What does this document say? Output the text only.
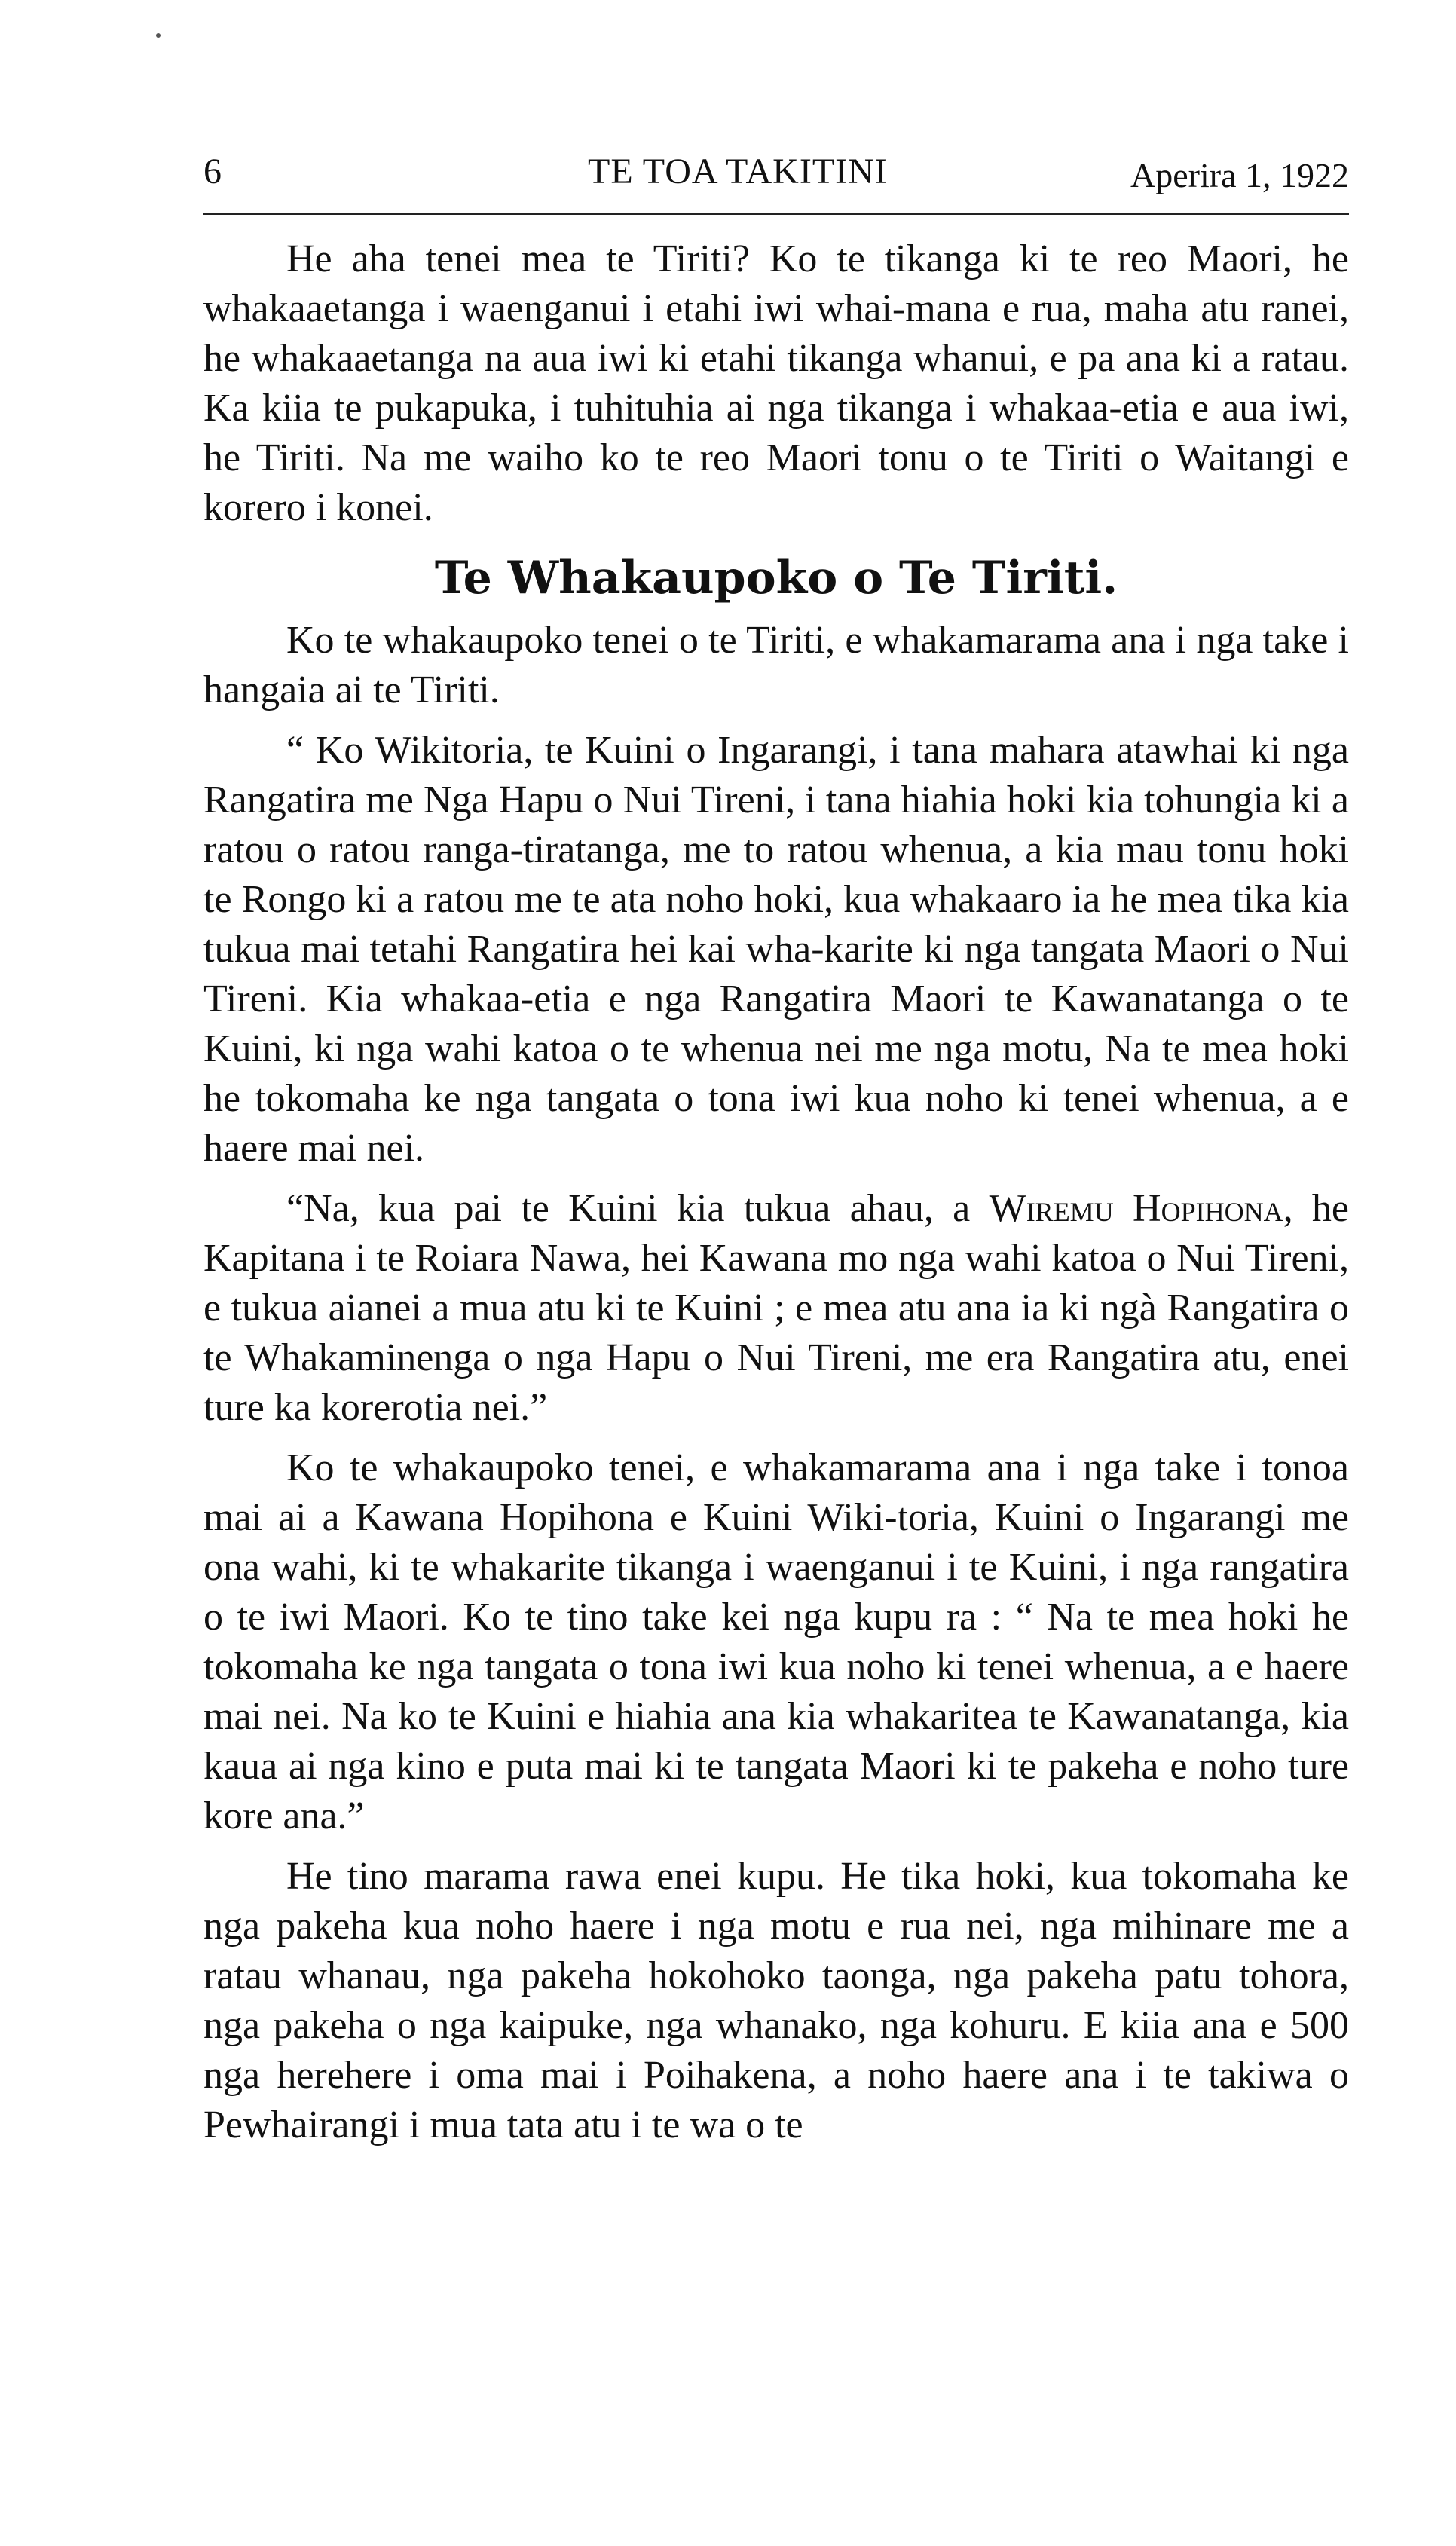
6	TE TOA TAKITINI	Aperira 1, 1922

He aha tenei mea te Tiriti? Ko te tikanga ki te reo Maori, he whakaaetanga i waenganui i etahi iwi whai-mana e rua, maha atu ranei, he whakaaetanga na aua iwi ki etahi tikanga whanui, e pa ana ki a ratau. Ka kiia te pukapuka, i tuhituhia ai nga tikanga i whakaa-etia e aua iwi, he Tiriti. Na me waiho ko te reo Maori tonu o te Tiriti o Waitangi e korero i konei.

Te Whakaupoko o Te Tiriti.

Ko te whakaupoko tenei o te Tiriti, e whakamarama ana i nga take i hangaia ai te Tiriti.

“ Ko Wikitoria, te Kuini o Ingarangi, i tana mahara atawhai ki nga Rangatira me Nga Hapu o Nui Tireni, i tana hiahia hoki kia tohungia ki a ratou o ratou ranga-tiratanga, me to ratou whenua, a kia mau tonu hoki te Rongo ki a ratou me te ata noho hoki, kua whakaaro ia he mea tika kia tukua mai tetahi Rangatira hei kai wha-karite ki nga tangata Maori o Nui Tireni. Kia whakaa-etia e nga Rangatira Maori te Kawanatanga o te Kuini, ki nga wahi katoa o te whenua nei me nga motu, Na te mea hoki he tokomaha ke nga tangata o tona iwi kua noho ki tenei whenua, a e haere mai nei.

“Na, kua pai te Kuini kia tukua ahau, a Wiremu Hopihona, he Kapitana i te Roiara Nawa, hei Kawana mo nga wahi katoa o Nui Tireni, e tukua aianei a mua atu ki te Kuini ; e mea atu ana ia ki ngà Rangatira o te Whakaminenga o nga Hapu o Nui Tireni, me era Rangatira atu, enei ture ka korerotia nei.”

Ko te whakaupoko tenei, e whakamarama ana i nga take i tonoa mai ai a Kawana Hopihona e Kuini Wiki-toria, Kuini o Ingarangi me ona wahi, ki te whakarite tikanga i waenganui i te Kuini, i nga rangatira o te iwi Maori. Ko te tino take kei nga kupu ra : “ Na te mea hoki he tokomaha ke nga tangata o tona iwi kua noho ki tenei whenua, a e haere mai nei. Na ko te Kuini e hiahia ana kia whakaritea te Kawanatanga, kia kaua ai nga kino e puta mai ki te tangata Maori ki te pakeha e noho ture kore ana.”

He tino marama rawa enei kupu. He tika hoki, kua tokomaha ke nga pakeha kua noho haere i nga motu e rua nei, nga mihinare me a ratau whanau, nga pakeha hokohoko taonga, nga pakeha patu tohora, nga pakeha o nga kaipuke, nga whanako, nga kohuru. E kiia ana e 500 nga herehere i oma mai i Poihakena, a noho haere ana i te takiwa o Pewhairangi i mua tata atu i te wa o te
